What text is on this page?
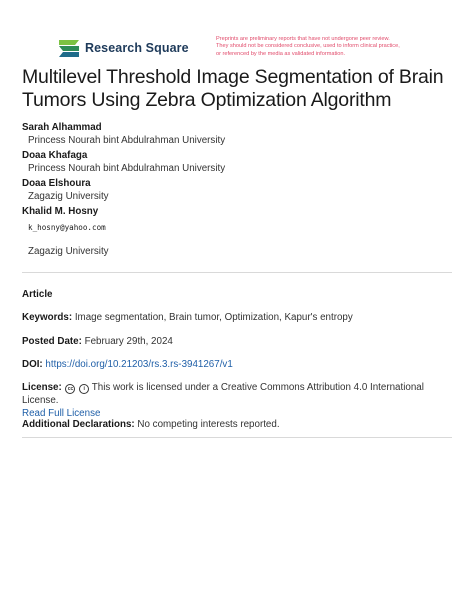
Research Square
Preprints are preliminary reports that have not undergone peer review.
They should not be considered conclusive, used to inform clinical practice,
or referenced by the media as validated information.
Multilevel Threshold Image Segmentation of Brain Tumors Using Zebra Optimization Algorithm
Sarah Alhammad
Princess Nourah bint Abdulrahman University
Doaa Khafaga
Princess Nourah bint Abdulrahman University
Doaa Elshoura
Zagazig University
Khalid M. Hosny
k_hosny@yahoo.com
Zagazig University
Article
Keywords: Image segmentation, Brain tumor, Optimization, Kapur's entropy
Posted Date: February 29th, 2024
DOI: https://doi.org/10.21203/rs.3.rs-3941267/v1
License: cc i This work is licensed under a Creative Commons Attribution 4.0 International License.
Read Full License
Additional Declarations: No competing interests reported.
